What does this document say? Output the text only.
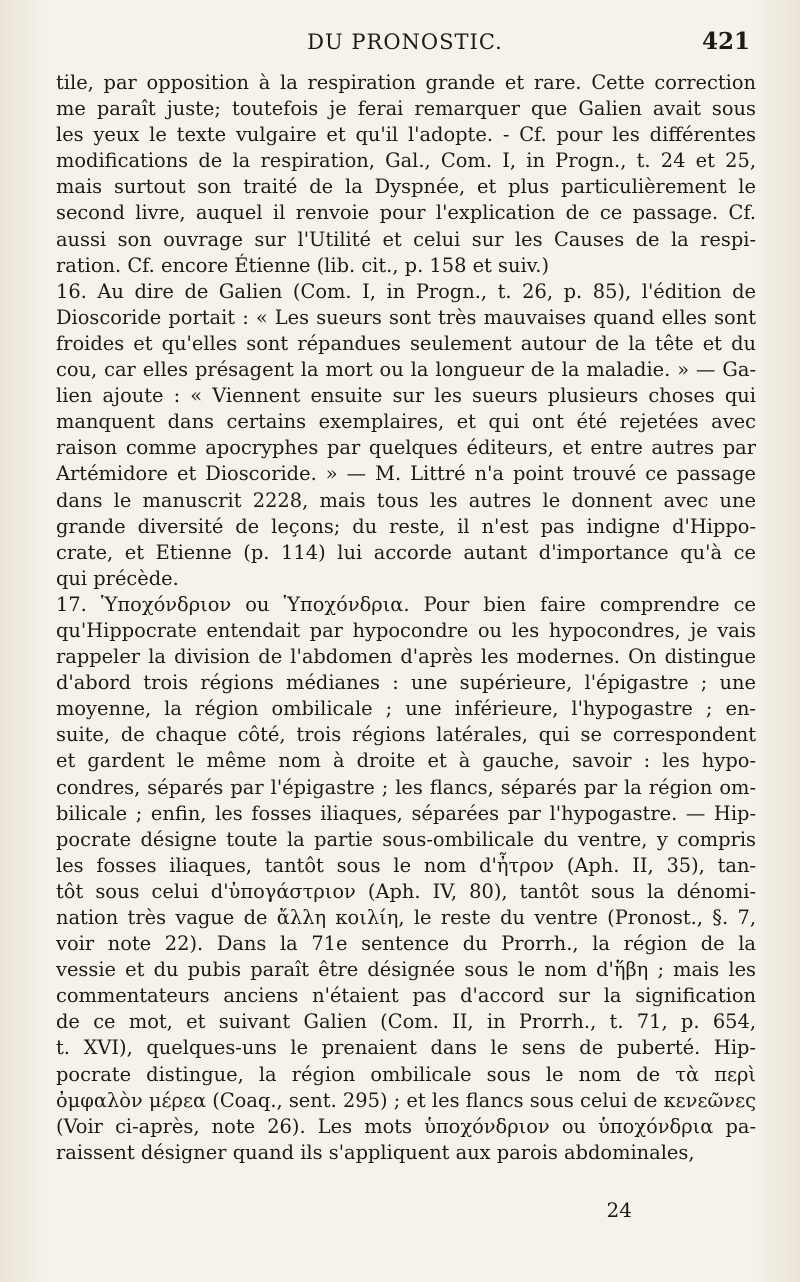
DU PRONOSTIC.	421
tile, par opposition à la respiration grande et rare. Cette correction
me paraît juste; toutefois je ferai remarquer que Galien avait sous
les yeux le texte vulgaire et qu'il l'adopte. - Cf. pour les différentes
modifications de la respiration, Gal., Com. I, in Progn., t. 24 et 25,
mais surtout son traité de la Dyspnée, et plus particulièrement le
second livre, auquel il renvoie pour l'explication de ce passage. Cf.
aussi son ouvrage sur l'Utilité et celui sur les Causes de la respi-
ration. Cf. encore Étienne (lib. cit., p. 158 et suiv.)
16. Au dire de Galien (Com. I, in Progn., t. 26, p. 85), l'édition de
Dioscoride portait : « Les sueurs sont très mauvaises quand elles sont
froides et qu'elles sont répandues seulement autour de la tête et du
cou, car elles présagent la mort ou la longueur de la maladie. » — Ga-
lien ajoute : « Viennent ensuite sur les sueurs plusieurs choses qui
manquent dans certains exemplaires, et qui ont été rejetées avec
raison comme apocryphes par quelques éditeurs, et entre autres par
Artémidore et Dioscoride. » — M. Littré n'a point trouvé ce passage
dans le manuscrit 2228, mais tous les autres le donnent avec une
grande diversité de leçons; du reste, il n'est pas indigne d'Hippo-
crate, et Etienne (p. 114) lui accorde autant d'importance qu'à ce
qui précède.
17. Ὑποχόνδριον ou Ὑποχόνδρια. Pour bien faire comprendre ce
qu'Hippocrate entendait par hypocondre ou les hypocondres, je vais
rappeler la division de l'abdomen d'après les modernes. On distingue
d'abord trois régions médianes : une supérieure, l'épigastre ; une
moyenne, la région ombilicale ; une inférieure, l'hypogastre ; en-
suite, de chaque côté, trois régions latérales, qui se correspondent
et gardent le même nom à droite et à gauche, savoir : les hypo-
condres, séparés par l'épigastre ; les flancs, séparés par la région om-
bilicale ; enfin, les fosses iliaques, séparées par l'hypogastre. — Hip-
pocrate désigne toute la partie sous-ombilicale du ventre, y compris
les fosses iliaques, tantôt sous le nom d'ἦτρον (Aph. II, 35), tan-
tôt sous celui d'ὑπογάστριον (Aph. IV, 80), tantôt sous la dénomi-
nation très vague de ἄλλη κοιλίη, le reste du ventre (Pronost., §. 7,
voir note 22). Dans la 71e sentence du Prorrh., la région de la
vessie et du pubis paraît être désignée sous le nom d'ἥβη ; mais les
commentateurs anciens n'étaient pas d'accord sur la signification
de ce mot, et suivant Galien (Com. II, in Prorrh., t. 71, p. 654,
t. XVI), quelques-uns le prenaient dans le sens de puberté. Hip-
pocrate distingue, la région ombilicale sous le nom de τὰ περὶ
ὀμφαλὸν μέρεα (Coaq., sent. 295) ; et les flancs sous celui de κενεῶνες
(Voir ci-après, note 26). Les mots ὑποχόνδριον ou ὑποχόνδρια pa-
raissent désigner quand ils s'appliquent aux parois abdominales,
24
